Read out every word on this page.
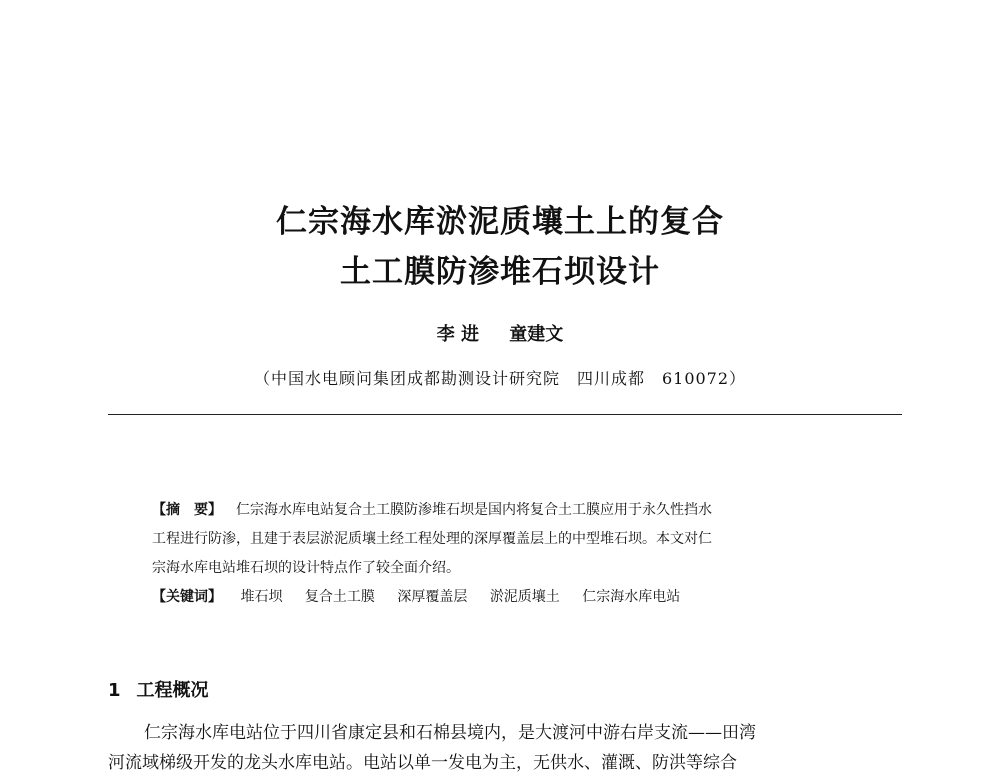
仁宗海水库淤泥质壤土上的复合
土工膜防渗堆石坝设计
李 进 童建文
（中国水电顾问集团成都勘测设计研究院　四川成都　610072）
【摘　要】 仁宗海水库电站复合土工膜防渗堆石坝是国内将复合土工膜应用于永久性挡水
工程进行防渗，且建于表层淤泥质壤土经工程处理的深厚覆盖层上的中型堆石坝。本文对仁
宗海水库电站堆石坝的设计特点作了较全面介绍。
【关键词】 堆石坝 复合土工膜 深厚覆盖层 淤泥质壤土 仁宗海水库电站
1 工程概况
仁宗海水库电站位于四川省康定县和石棉县境内，是大渡河中游右岸支流——田湾
河流域梯级开发的龙头水库电站。电站以单一发电为主，无供水、灌溉、防洪等综合
